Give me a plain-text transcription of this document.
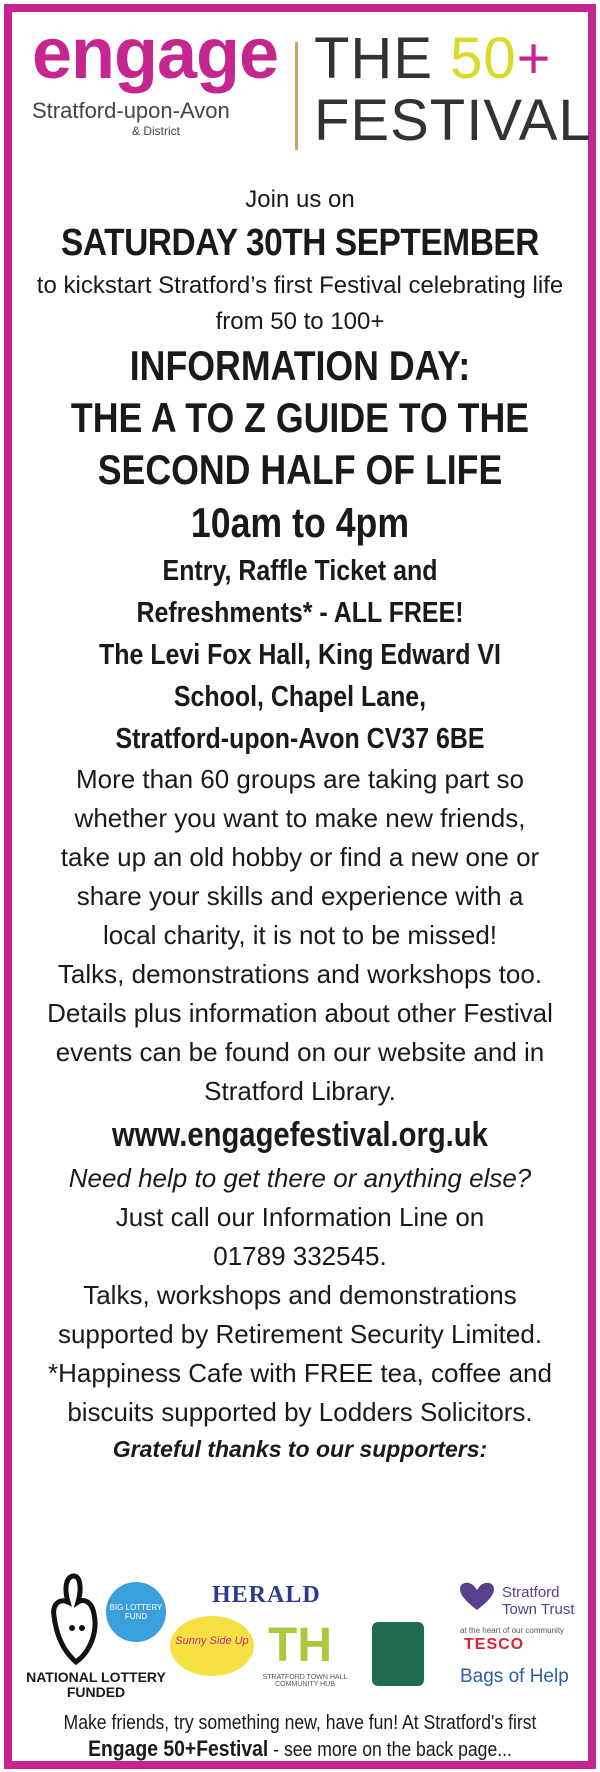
engage
Stratford-upon-Avon
& District
THE 50+
FESTIVAL
Join us on
SATURDAY 30TH SEPTEMBER
to kickstart Stratford’s first Festival celebrating life
from 50 to 100+
INFORMATION DAY:
THE A TO Z GUIDE TO THE
SECOND HALF OF LIFE
10am to 4pm
Entry, Raffle Ticket and
Refreshments* - ALL FREE!
The Levi Fox Hall, King Edward VI
School, Chapel Lane,
Stratford-upon-Avon CV37 6BE
More than 60 groups are taking part so
whether you want to make new friends,
take up an old hobby or find a new one or
share your skills and experience with a
local charity, it is not to be missed!
Talks, demonstrations and workshops too.
Details plus information about other Festival
events can be found on our website and in
Stratford Library.
www.engagefestival.org.uk
Need help to get there or anything else?
Just call our Information Line on
01789 332545.
Talks, workshops and demonstrations
supported by Retirement Security Limited.
*Happiness Cafe with FREE tea, coffee and
biscuits supported by Lodders Solicitors.
Grateful thanks to our supporters:
NATIONAL LOTTERY FUNDED
BIG LOTTERY FUND
HERALD
Sunny Side Up TH
STRATFORD TOWN HALL COMMUNITY HUB
Stratford Town Trust
at the heart of our community
TESCO
Bags of Help
Make friends, try something new, have fun! At Stratford's first
Engage 50+Festival - see more on the back page...
